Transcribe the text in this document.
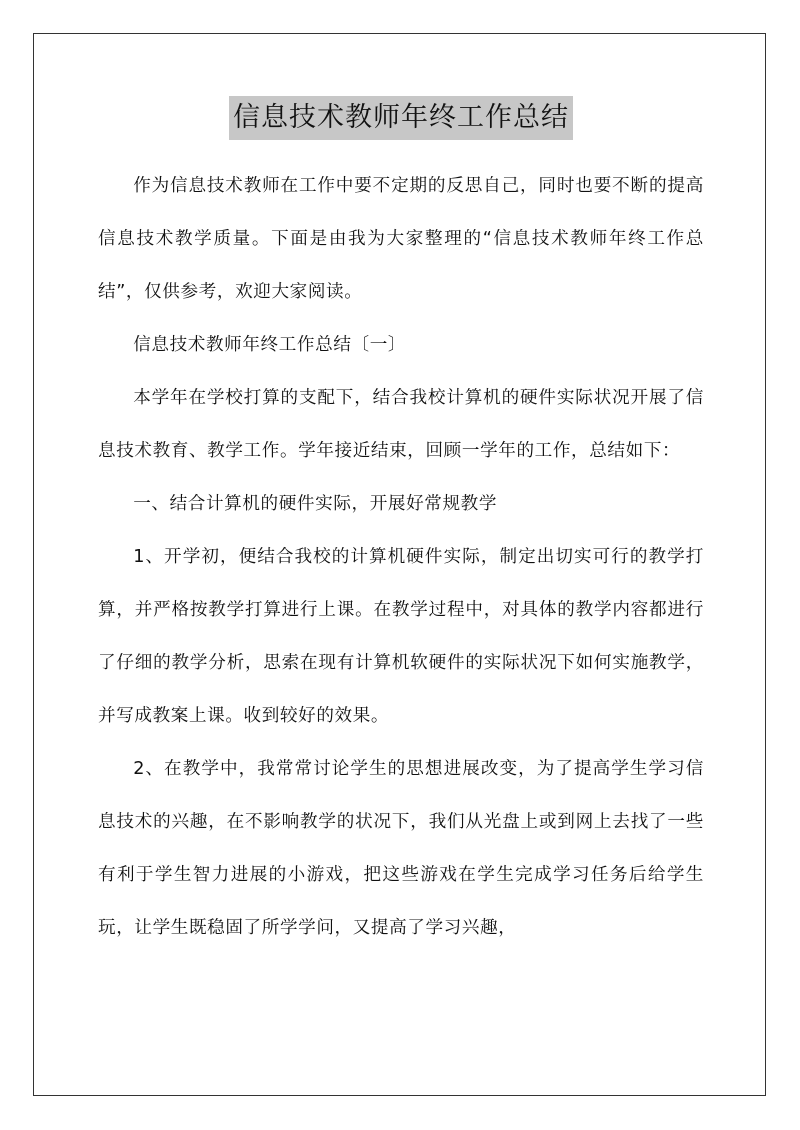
信息技术教师年终工作总结

作为信息技术教师在工作中要不定期的反思自己，同时也要不断的提高信息技术教学质量。下面是由我为大家整理的“信息技术教师年终工作总结”，仅供参考，欢迎大家阅读。

信息技术教师年终工作总结〔一〕

本学年在学校打算的支配下，结合我校计算机的硬件实际状况开展了信息技术教育、教学工作。学年接近结束，回顾一学年的工作，总结如下：

一、结合计算机的硬件实际，开展好常规教学

1、开学初，便结合我校的计算机硬件实际，制定出切实可行的教学打算，并严格按教学打算进行上课。在教学过程中，对具体的教学内容都进行了仔细的教学分析，思索在现有计算机软硬件的实际状况下如何实施教学，并写成教案上课。收到较好的效果。

2、在教学中，我常常讨论学生的思想进展改变，为了提高学生学习信息技术的兴趣，在不影响教学的状况下，我们从光盘上或到网上去找了一些有利于学生智力进展的小游戏，把这些游戏在学生完成学习任务后给学生玩，让学生既稳固了所学学问，又提高了学习兴趣，
